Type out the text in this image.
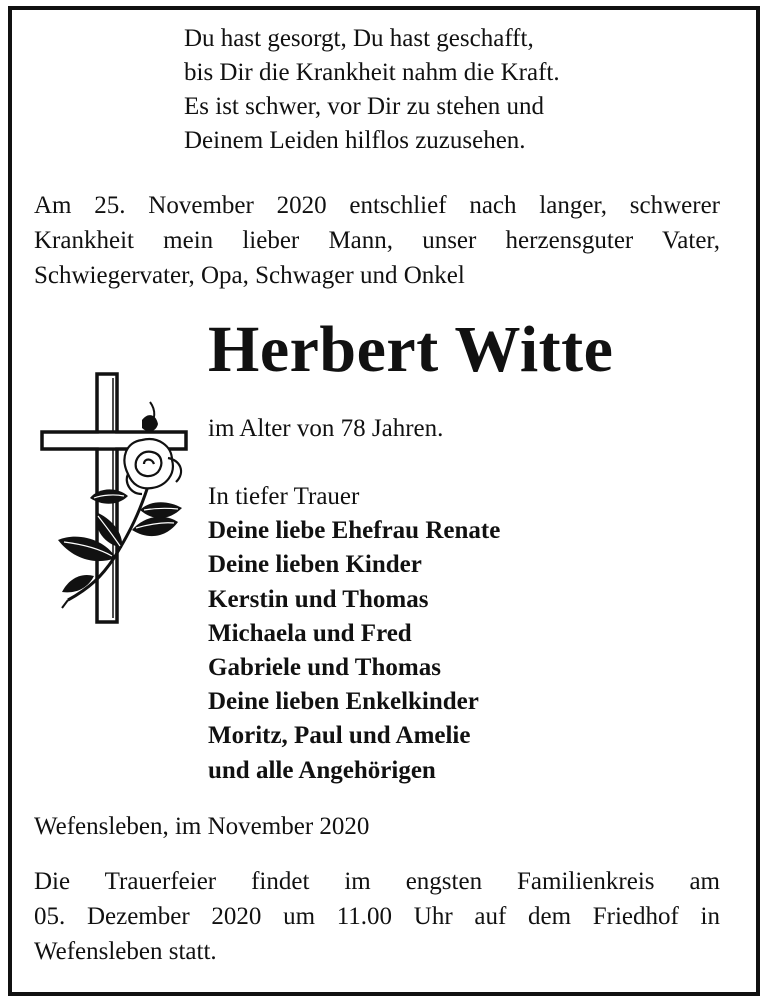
Du hast gesorgt, Du hast geschafft,
bis Dir die Krankheit nahm die Kraft.
Es ist schwer, vor Dir zu stehen und
Deinem Leiden hilflos zuzusehen.
Am 25. November 2020 entschlief nach langer, schwerer
Krankheit mein lieber Mann, unser herzensguter Vater,
Schwiegervater, Opa, Schwager und Onkel
Herbert Witte
im Alter von 78 Jahren.
In tiefer Trauer
Deine liebe Ehefrau Renate
Deine lieben Kinder
Kerstin und Thomas
Michaela und Fred
Gabriele und Thomas
Deine lieben Enkelkinder
Moritz, Paul und Amelie
und alle Angehörigen
Wefensleben, im November 2020
Die Trauerfeier findet im engsten Familienkreis am
05. Dezember 2020 um 11.00 Uhr auf dem Friedhof in
Wefensleben statt.
